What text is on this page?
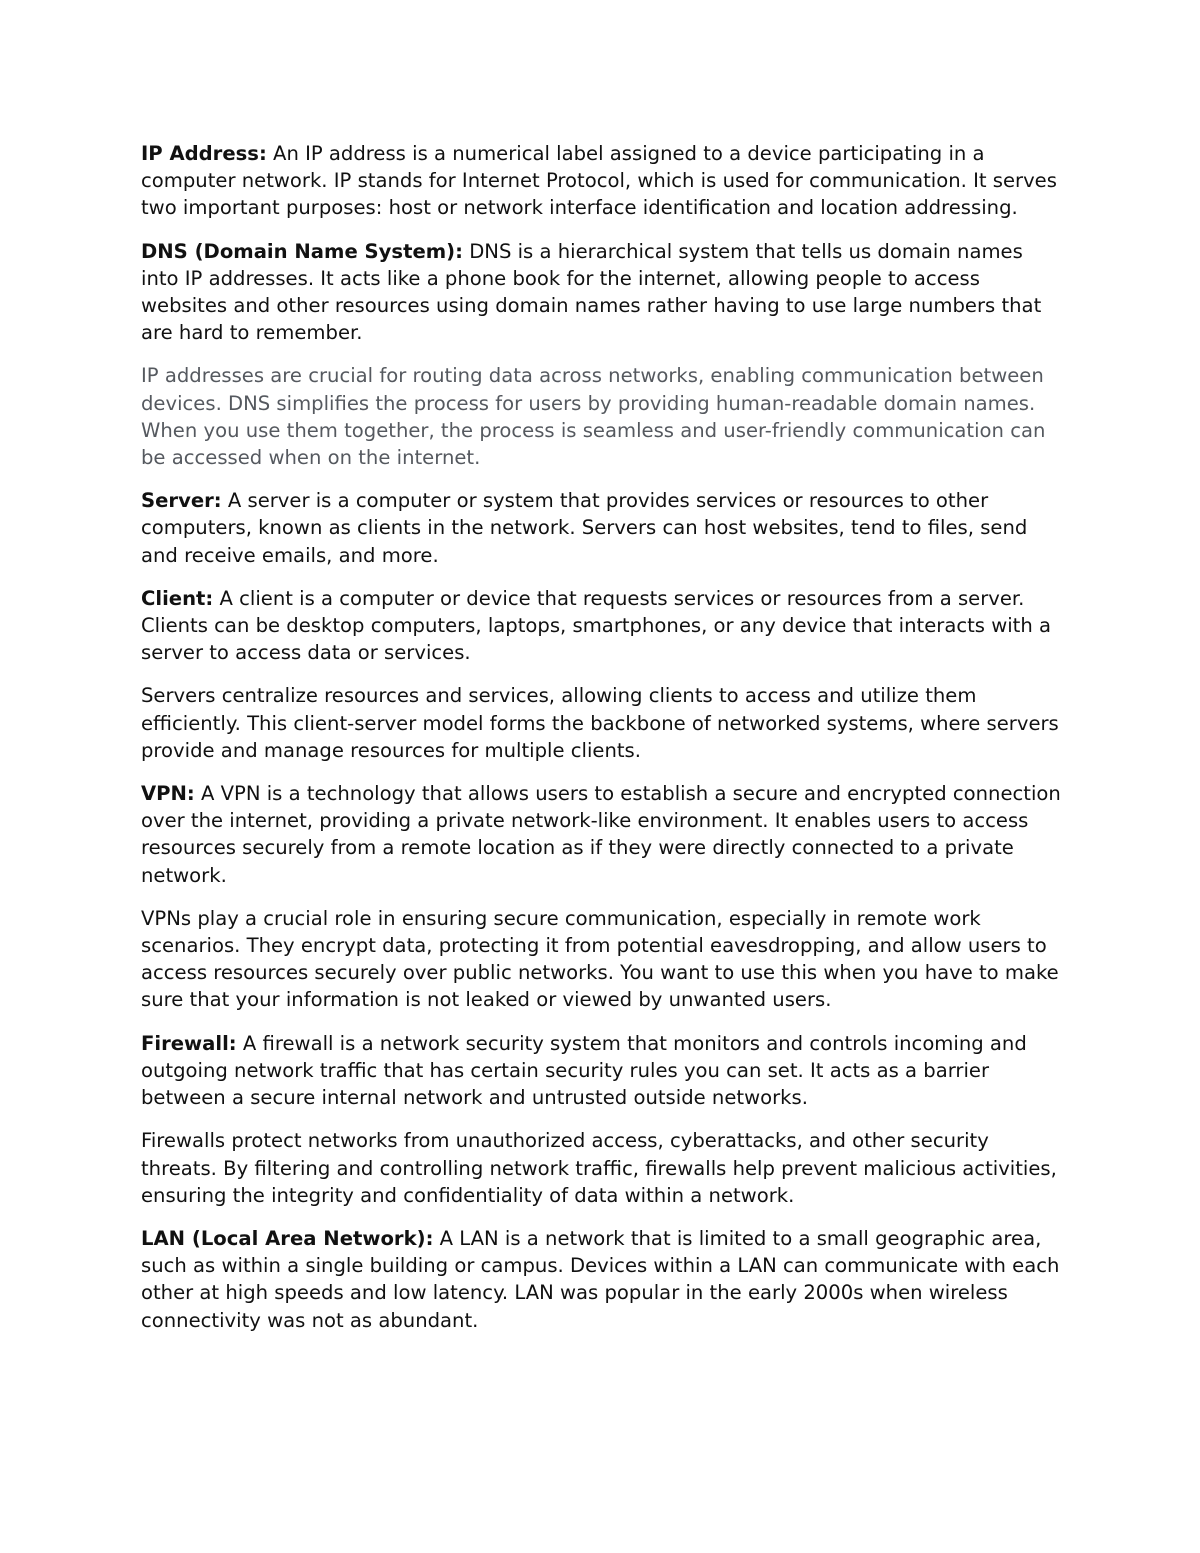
IP Address: An IP address is a numerical label assigned to a device participating in a computer network. IP stands for Internet Protocol, which is used for communication. It serves two important purposes: host or network interface identification and location addressing.

DNS (Domain Name System): DNS is a hierarchical system that tells us domain names into IP addresses. It acts like a phone book for the internet, allowing people to access websites and other resources using domain names rather having to use large numbers that are hard to remember.

IP addresses are crucial for routing data across networks, enabling communication between devices. DNS simplifies the process for users by providing human-readable domain names. When you use them together, the process is seamless and user-friendly communication can be accessed when on the internet.

Server: A server is a computer or system that provides services or resources to other computers, known as clients in the network. Servers can host websites, tend to files, send and receive emails, and more.

Client: A client is a computer or device that requests services or resources from a server. Clients can be desktop computers, laptops, smartphones, or any device that interacts with a server to access data or services.

Servers centralize resources and services, allowing clients to access and utilize them efficiently. This client-server model forms the backbone of networked systems, where servers provide and manage resources for multiple clients.

VPN: A VPN is a technology that allows users to establish a secure and encrypted connection over the internet, providing a private network-like environment. It enables users to access resources securely from a remote location as if they were directly connected to a private network.

VPNs play a crucial role in ensuring secure communication, especially in remote work scenarios. They encrypt data, protecting it from potential eavesdropping, and allow users to access resources securely over public networks. You want to use this when you have to make sure that your information is not leaked or viewed by unwanted users.

Firewall: A firewall is a network security system that monitors and controls incoming and outgoing network traffic that has certain security rules you can set. It acts as a barrier between a secure internal network and untrusted outside networks.

Firewalls protect networks from unauthorized access, cyberattacks, and other security threats. By filtering and controlling network traffic, firewalls help prevent malicious activities, ensuring the integrity and confidentiality of data within a network.

LAN (Local Area Network): A LAN is a network that is limited to a small geographic area, such as within a single building or campus. Devices within a LAN can communicate with each other at high speeds and low latency. LAN was popular in the early 2000s when wireless connectivity was not as abundant.
